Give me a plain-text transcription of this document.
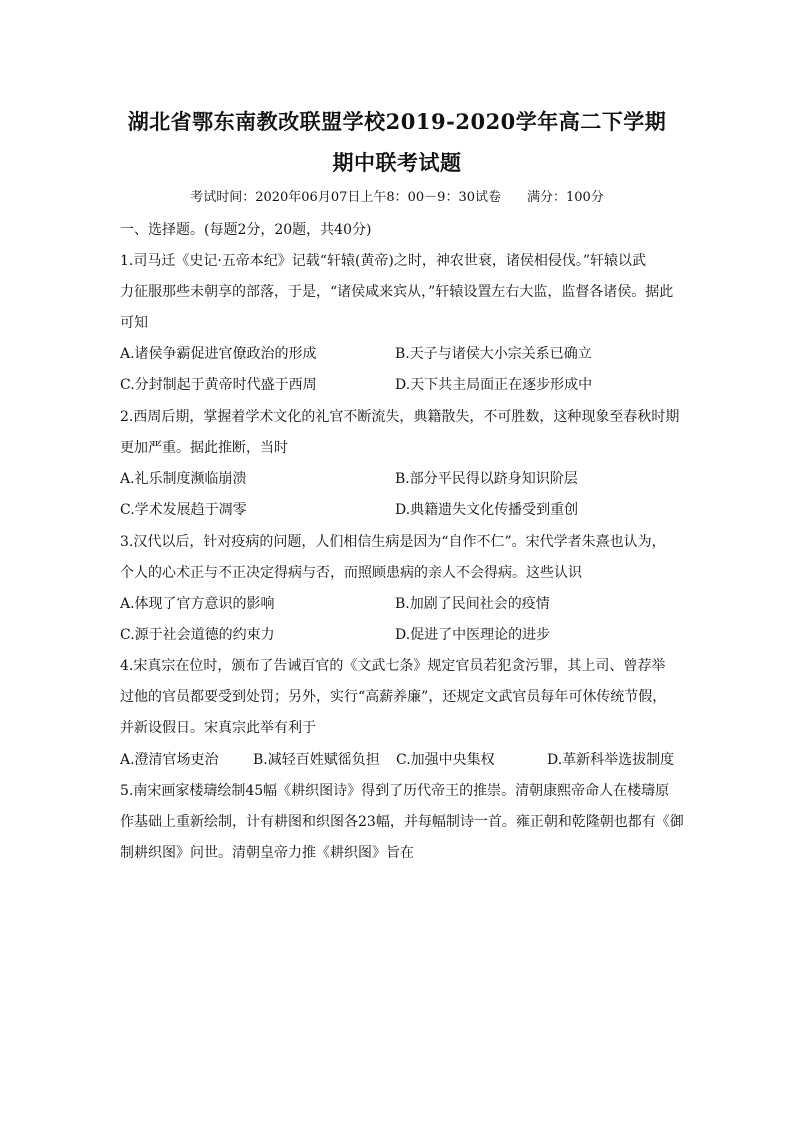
湖北省鄂东南教改联盟学校2019-2020学年高二下学期
期中联考试题
考试时间：2020年06月07日上午8：00－9：30试卷 满分：100分
一、选择题。(每题2分，20题，共40分)
1.司马迁《史记·五帝本纪》记载“轩辕(黄帝)之时，神农世衰，诸侯相侵伐。”轩辕以武
力征服那些未朝享的部落，于是，“诸侯咸来宾从，”轩辕设置左右大监，监督各诸侯。据此
可知
A.诸侯争霸促进官僚政治的形成	B.天子与诸侯大小宗关系已确立
C.分封制起于黄帝时代盛于西周	D.天下共主局面正在逐步形成中
2.西周后期，掌握着学术文化的礼官不断流失，典籍散失，不可胜数，这种现象至春秋时期
更加严重。据此推断，当时
A.礼乐制度濒临崩溃	B.部分平民得以跻身知识阶层
C.学术发展趋于凋零	D.典籍遗失文化传播受到重创
3.汉代以后，针对疫病的问题，人们相信生病是因为“自作不仁”。宋代学者朱熹也认为，
个人的心术正与不正决定得病与否，而照顾患病的亲人不会得病。这些认识
A.体现了官方意识的影响	B.加剧了民间社会的疫情
C.源于社会道德的约束力	D.促进了中医理论的进步
4.宋真宗在位时，颁布了告诫百官的《文武七条》规定官员若犯贪污罪，其上司、曾荐举
过他的官员都要受到处罚；另外，实行“高薪养廉”，还规定文武官员每年可休传统节假，
并新设假日。宋真宗此举有利于
A.澄清官场吏治 B.减轻百姓赋徭负担 C.加强中央集权	D.革新科举选拔制度
5.南宋画家楼璹绘制45幅《耕织图诗》得到了历代帝王的推崇。清朝康熙帝命人在楼璹原
作基础上重新绘制，计有耕图和织图各23幅，并每幅制诗一首。雍正朝和乾隆朝也都有《御
制耕织图》问世。清朝皇帝力推《耕织图》旨在
